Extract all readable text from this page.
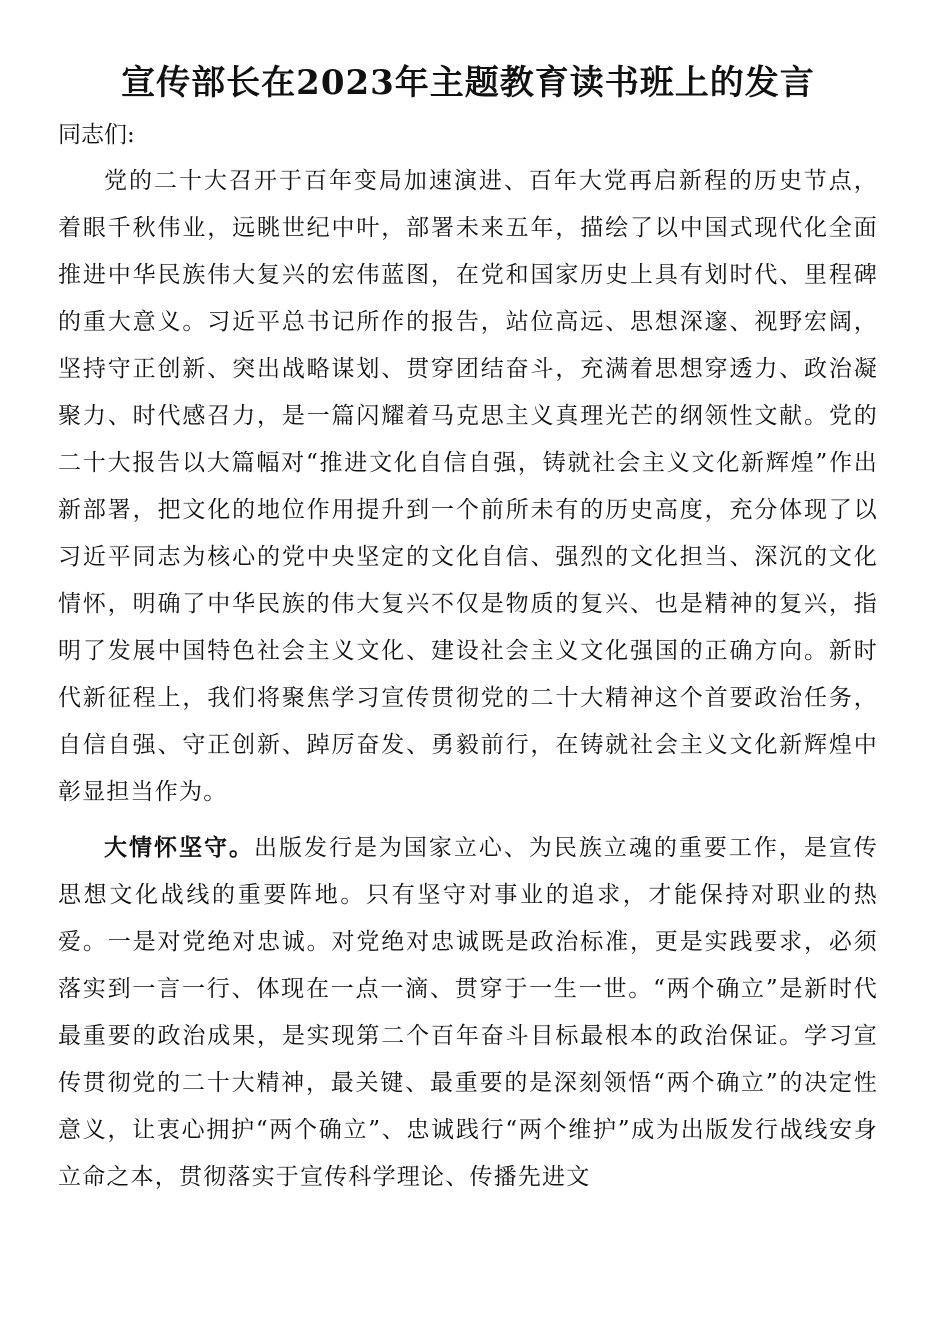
宣传部长在2023年主题教育读书班上的发言

同志们:

党的二十大召开于百年变局加速演进、百年大党再启新程的历史节点，着眼千秋伟业，远眺世纪中叶，部署未来五年，描绘了以中国式现代化全面推进中华民族伟大复兴的宏伟蓝图，在党和国家历史上具有划时代、里程碑的重大意义。习近平总书记所作的报告，站位高远、思想深邃、视野宏阔，坚持守正创新、突出战略谋划、贯穿团结奋斗，充满着思想穿透力、政治凝聚力、时代感召力，是一篇闪耀着马克思主义真理光芒的纲领性文献。党的二十大报告以大篇幅对“推进文化自信自强，铸就社会主义文化新辉煌”作出新部署，把文化的地位作用提升到一个前所未有的历史高度，充分体现了以习近平同志为核心的党中央坚定的文化自信、强烈的文化担当、深沉的文化情怀，明确了中华民族的伟大复兴不仅是物质的复兴、也是精神的复兴，指明了发展中国特色社会主义文化、建设社会主义文化强国的正确方向。新时代新征程上，我们将聚焦学习宣传贯彻党的二十大精神这个首要政治任务，自信自强、守正创新、踔厉奋发、勇毅前行，在铸就社会主义文化新辉煌中彰显担当作为。

大情怀坚守。出版发行是为国家立心、为民族立魂的重要工作，是宣传思想文化战线的重要阵地。只有坚守对事业的追求，才能保持对职业的热爱。一是对党绝对忠诚。对党绝对忠诚既是政治标准，更是实践要求，必须落实到一言一行、体现在一点一滴、贯穿于一生一世。“两个确立”是新时代最重要的政治成果，是实现第二个百年奋斗目标最根本的政治保证。学习宣传贯彻党的二十大精神，最关键、最重要的是深刻领悟“两个确立”的决定性意义，让衷心拥护“两个确立”、忠诚践行“两个维护”成为出版发行战线安身立命之本，贯彻落实于宣传科学理论、传播先进文
